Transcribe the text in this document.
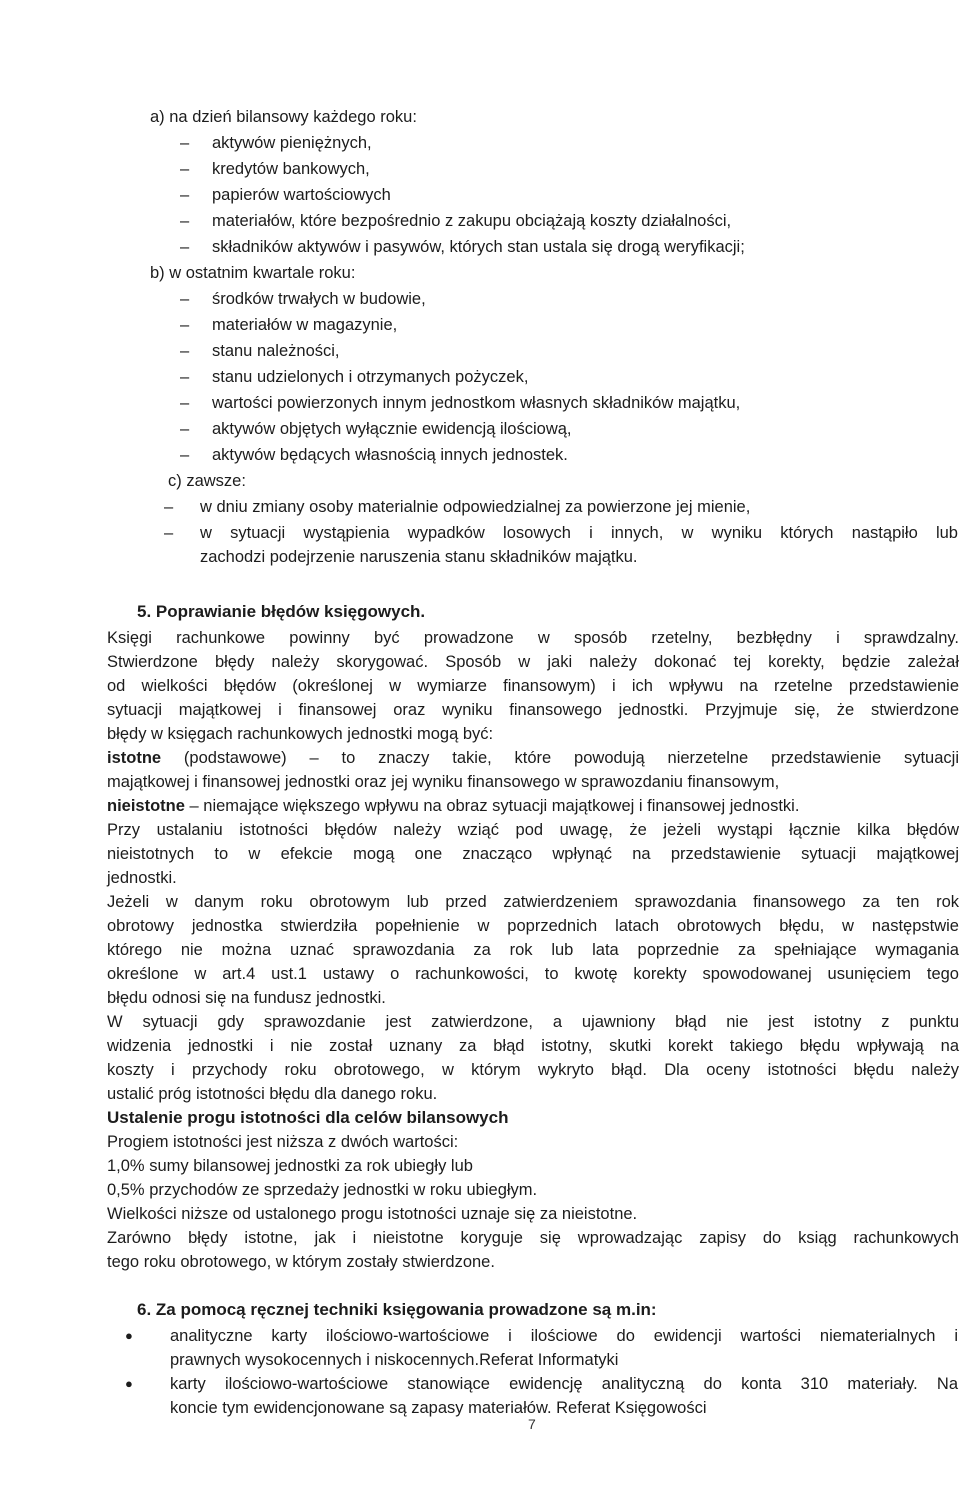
a) na dzień bilansowy każdego roku:
– aktywów pieniężnych,
– kredytów bankowych,
– papierów wartościowych
– materiałów, które bezpośrednio z zakupu obciążają koszty działalności,
– składników aktywów i pasywów, których stan ustala się drogą weryfikacji;
b) w ostatnim kwartale roku:
– środków trwałych w budowie,
– materiałów w magazynie,
– stanu należności,
– stanu udzielonych i otrzymanych pożyczek,
– wartości powierzonych innym jednostkom własnych składników majątku,
– aktywów objętych wyłącznie ewidencją ilościową,
– aktywów będących własnością innych jednostek.
c) zawsze:
– w dniu zmiany osoby materialnie odpowiedzialnej za powierzone jej mienie,
– w sytuacji wystąpienia wypadków losowych i innych, w wyniku których nastąpiło lub
zachodzi podejrzenie naruszenia stanu składników majątku.
5. Poprawianie błędów księgowych.
Księgi rachunkowe powinny być prowadzone w sposób rzetelny, bezbłędny i sprawdzalny.
Stwierdzone błędy należy skorygować. Sposób w jaki należy dokonać tej korekty, będzie zależał
od wielkości błędów (określonej w wymiarze finansowym) i ich wpływu na rzetelne przedstawienie
sytuacji majątkowej i finansowej oraz wyniku finansowego jednostki. Przyjmuje się, że stwierdzone
błędy w księgach rachunkowych jednostki mogą być:
istotne (podstawowe) – to znaczy takie, które powodują nierzetelne przedstawienie sytuacji
majątkowej i finansowej jednostki oraz jej wyniku finansowego w sprawozdaniu finansowym,
nieistotne – niemające większego wpływu na obraz sytuacji majątkowej i finansowej jednostki.
Przy ustalaniu istotności błędów należy wziąć pod uwagę, że jeżeli wystąpi łącznie kilka błędów
nieistotnych to w efekcie mogą one znacząco wpłynąć na przedstawienie sytuacji majątkowej
jednostki.
Jeżeli w danym roku obrotowym lub przed zatwierdzeniem sprawozdania finansowego za ten rok
obrotowy jednostka stwierdziła popełnienie w poprzednich latach obrotowych błędu, w następstwie
którego nie można uznać sprawozdania za rok lub lata poprzednie za spełniające wymagania
określone w art.4 ust.1 ustawy o rachunkowości, to kwotę korekty spowodowanej usunięciem tego
błędu odnosi się na fundusz jednostki.
W sytuacji gdy sprawozdanie jest zatwierdzone, a ujawniony błąd nie jest istotny z punktu
widzenia jednostki i nie został uznany za błąd istotny, skutki korekt takiego błędu wpływają na
koszty i przychody roku obrotowego, w którym wykryto błąd. Dla oceny istotności błędu należy
ustalić próg istotności błędu dla danego roku.
Ustalenie progu istotności dla celów bilansowych
Progiem istotności jest niższa z dwóch wartości:
1,0% sumy bilansowej jednostki za rok ubiegły lub
0,5% przychodów ze sprzedaży jednostki w roku ubiegłym.
Wielkości niższe od ustalonego progu istotności uznaje się za nieistotne.
Zarówno błędy istotne, jak i nieistotne koryguje się wprowadzając zapisy do ksiąg rachunkowych
tego roku obrotowego, w którym zostały stwierdzone.
6. Za pomocą ręcznej techniki księgowania prowadzone są m.in:
● analityczne karty ilościowo-wartościowe i ilościowe do ewidencji wartości niematerialnych i
prawnych wysokocennych i niskocennych.Referat Informatyki
● karty ilościowo-wartościowe stanowiące ewidencję analityczną do konta 310 materiały. Na
koncie tym ewidencjonowane są zapasy materiałów. Referat Księgowości
7
